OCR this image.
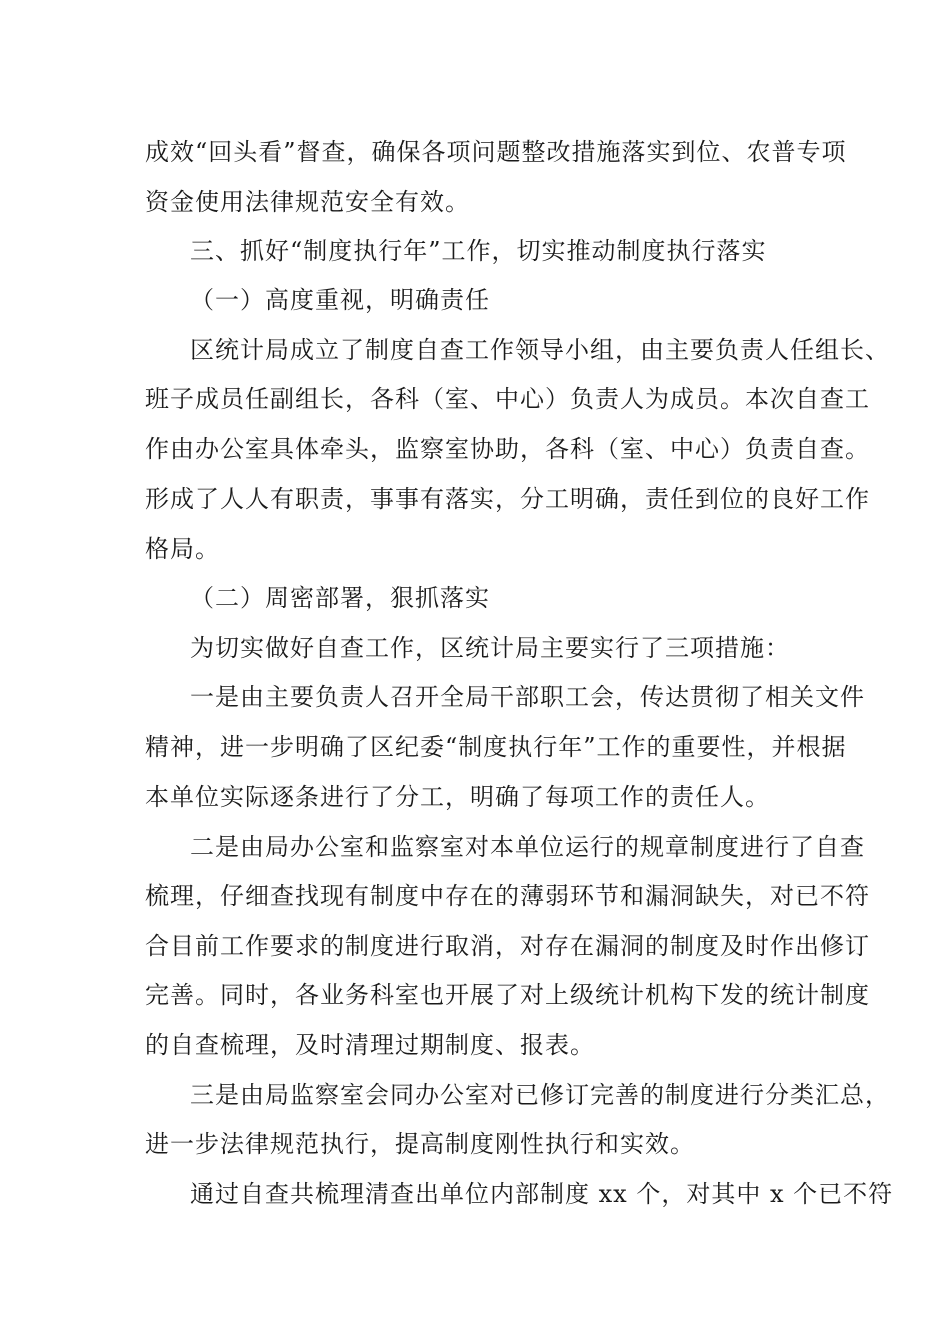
成效“回头看”督查，确保各项问题整改措施落实到位、农普专项
资金使用法律规范安全有效。
三、抓好“制度执行年”工作，切实推动制度执行落实
（一）高度重视，明确责任
区统计局成立了制度自查工作领导小组，由主要负责人任组长、
班子成员任副组长，各科（室、中心）负责人为成员。本次自查工
作由办公室具体牵头，监察室协助，各科（室、中心）负责自查。
形成了人人有职责，事事有落实，分工明确，责任到位的良好工作
格局。
（二）周密部署，狠抓落实
为切实做好自查工作，区统计局主要实行了三项措施：
一是由主要负责人召开全局干部职工会，传达贯彻了相关文件
精神，进一步明确了区纪委“制度执行年”工作的重要性，并根据
本单位实际逐条进行了分工，明确了每项工作的责任人。
二是由局办公室和监察室对本单位运行的规章制度进行了自查
梳理，仔细查找现有制度中存在的薄弱环节和漏洞缺失，对已不符
合目前工作要求的制度进行取消，对存在漏洞的制度及时作出修订
完善。同时，各业务科室也开展了对上级统计机构下发的统计制度
的自查梳理，及时清理过期制度、报表。
三是由局监察室会同办公室对已修订完善的制度进行分类汇总，
进一步法律规范执行，提高制度刚性执行和实效。
通过自查共梳理清查出单位内部制度 xx 个，对其中 x 个已不符
